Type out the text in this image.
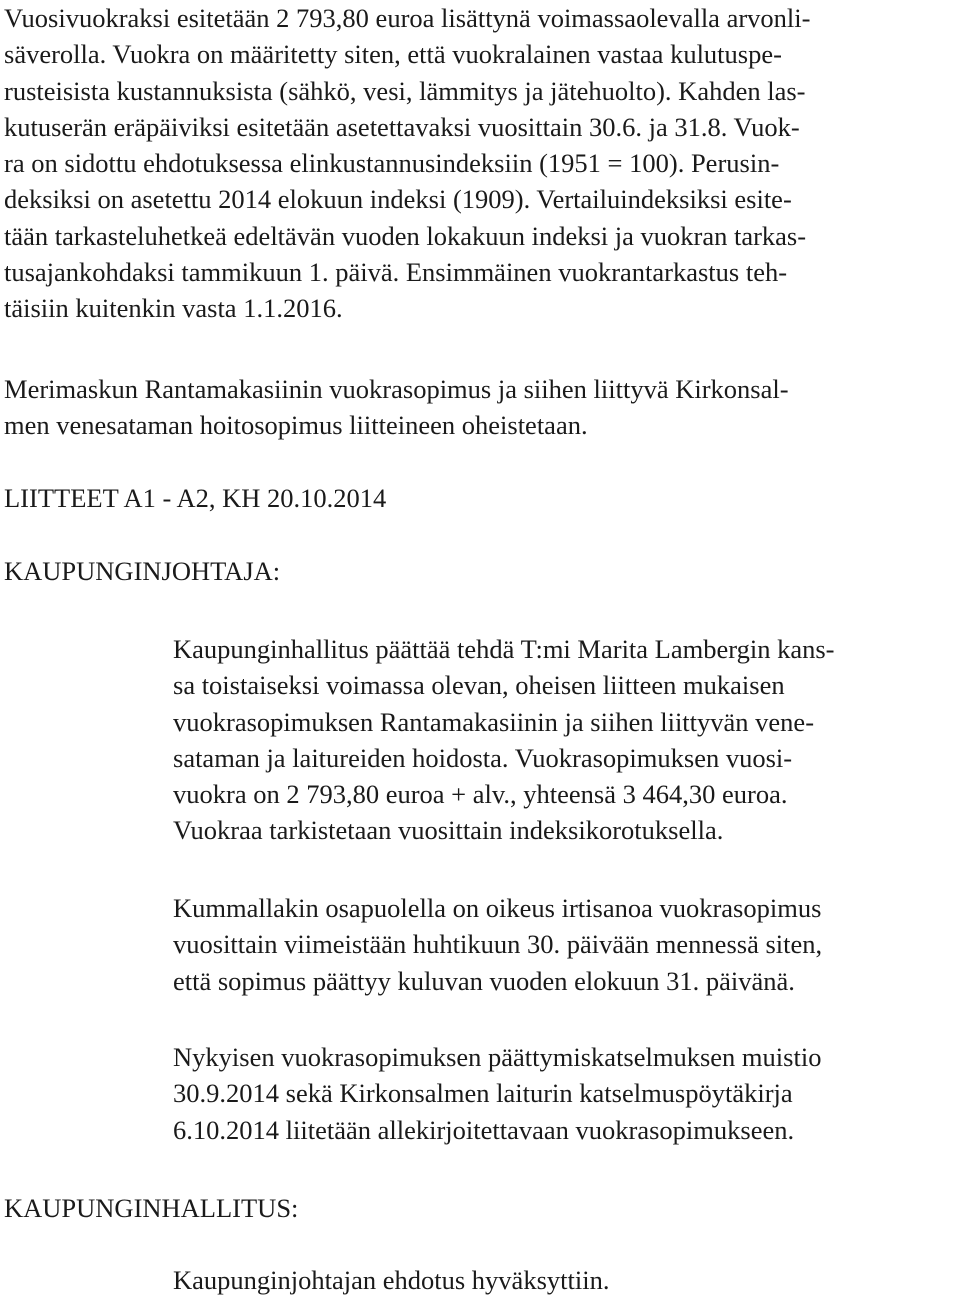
Vuosivuokraksi esitetään 2 793,80 euroa lisättynä voimassaolevalla arvonli-
säverolla. Vuokra on määritetty siten, että vuokralainen vastaa kulutuspe-
rusteisista kustannuksista (sähkö, vesi, lämmitys ja jätehuolto). Kahden las-
kutuserän eräpäiviksi esitetään asetettavaksi vuosittain 30.6. ja 31.8. Vuok-
ra on sidottu ehdotuksessa elinkustannusindeksiin (1951 = 100). Perusin-
deksiksi on asetettu 2014 elokuun indeksi (1909). Vertailuindeksiksi esite-
tään tarkasteluhetkeä edeltävän vuoden lokakuun indeksi ja vuokran tarkas-
tusajankohdaksi tammikuun 1. päivä. Ensimmäinen vuokrantarkastus teh-
täisiin kuitenkin vasta 1.1.2016.

Merimaskun Rantamakasiinin vuokrasopimus ja siihen liittyvä Kirkonsal-
men venesataman hoitosopimus liitteineen oheistetaan.

LIITTEET A1 - A2, KH 20.10.2014

KAUPUNGINJOHTAJA:

Kaupunginhallitus päättää tehdä T:mi Marita Lambergin kans-
sa toistaiseksi voimassa olevan, oheisen liitteen mukaisen
vuokrasopimuksen Rantamakasiinin ja siihen liittyvän vene-
sataman ja laitureiden hoidosta. Vuokrasopimuksen vuosi-
vuokra on 2 793,80 euroa + alv., yhteensä 3 464,30 euroa.
Vuokraa tarkistetaan vuosittain indeksikorotuksella.

Kummallakin osapuolella on oikeus irtisanoa vuokrasopimus
vuosittain viimeistään huhtikuun 30. päivään mennessä siten,
että sopimus päättyy kuluvan vuoden elokuun 31. päivänä.

Nykyisen vuokrasopimuksen päättymiskatselmuksen muistio
30.9.2014 sekä Kirkonsalmen laiturin katselmuspöytäkirja
6.10.2014 liitetään allekirjoitettavaan vuokrasopimukseen.

KAUPUNGINHALLITUS:

Kaupunginjohtajan ehdotus hyväksyttiin.
